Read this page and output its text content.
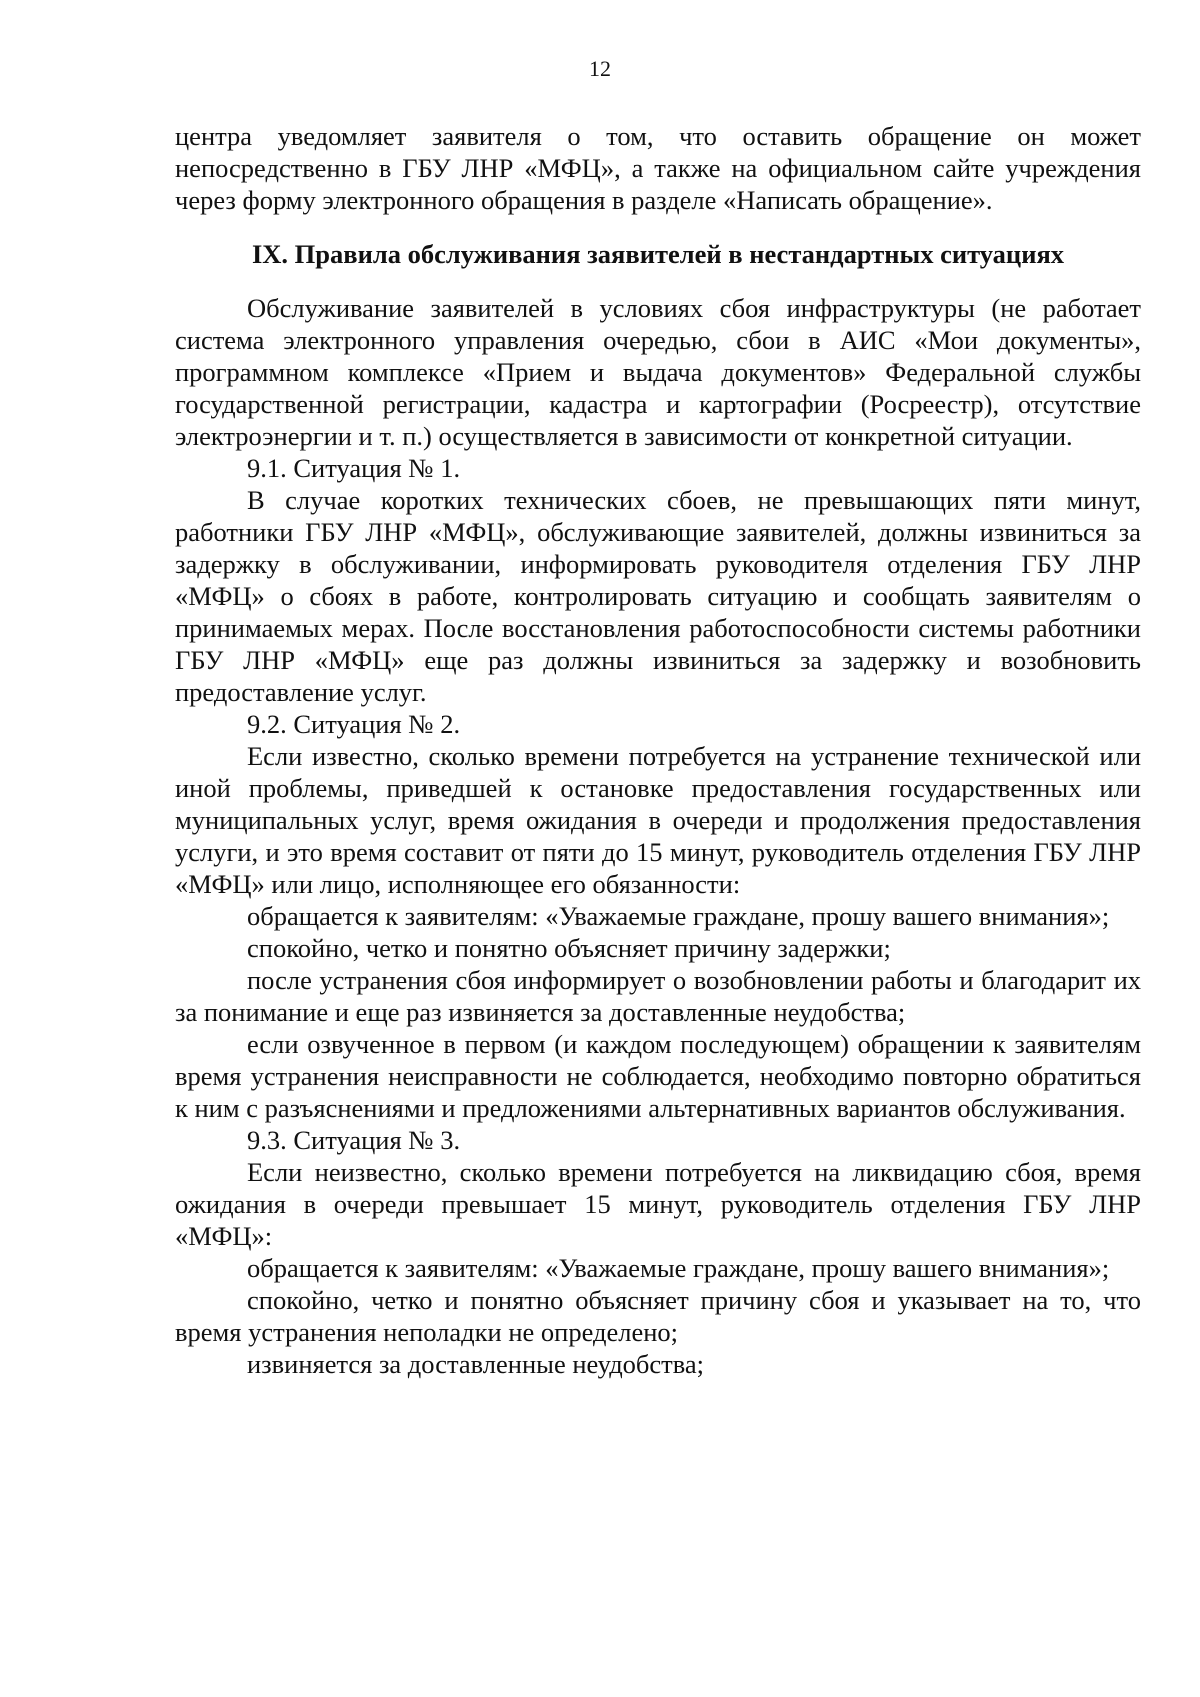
12

центра уведомляет заявителя о том, что оставить обращение он может непосредственно в ГБУ ЛНР «МФЦ», а также на официальном сайте учреждения через форму электронного обращения в разделе «Написать обращение».

IX. Правила обслуживания заявителей в нестандартных ситуациях

Обслуживание заявителей в условиях сбоя инфраструктуры (не работает система электронного управления очередью, сбои в АИС «Мои документы», программном комплексе «Прием и выдача документов» Федеральной службы государственной регистрации, кадастра и картографии (Росреестр), отсутствие электроэнергии и т. п.) осуществляется в зависимости от конкретной ситуации.

9.1. Ситуация № 1.

В случае коротких технических сбоев, не превышающих пяти минут, работники ГБУ ЛНР «МФЦ», обслуживающие заявителей, должны извиниться за задержку в обслуживании, информировать руководителя отделения ГБУ ЛНР «МФЦ» о сбоях в работе, контролировать ситуацию и сообщать заявителям о принимаемых мерах. После восстановления работоспособности системы работники ГБУ ЛНР «МФЦ» еще раз должны извиниться за задержку и возобновить предоставление услуг.

9.2. Ситуация № 2.

Если известно, сколько времени потребуется на устранение технической или иной проблемы, приведшей к остановке предоставления государственных или муниципальных услуг, время ожидания в очереди и продолжения предоставления услуги, и это время составит от пяти до 15 минут, руководитель отделения ГБУ ЛНР «МФЦ» или лицо, исполняющее его обязанности:

обращается к заявителям: «Уважаемые граждане, прошу вашего внимания»;

спокойно, четко и понятно объясняет причину задержки;

после устранения сбоя информирует о возобновлении работы и благодарит их за понимание и еще раз извиняется за доставленные неудобства;

если озвученное в первом (и каждом последующем) обращении к заявителям время устранения неисправности не соблюдается, необходимо повторно обратиться к ним с разъяснениями и предложениями альтернативных вариантов обслуживания.

9.3. Ситуация № 3.

Если неизвестно, сколько времени потребуется на ликвидацию сбоя, время ожидания в очереди превышает 15 минут, руководитель отделения ГБУ ЛНР «МФЦ»:

обращается к заявителям: «Уважаемые граждане, прошу вашего внимания»;

спокойно, четко и понятно объясняет причину сбоя и указывает на то, что время устранения неполадки не определено;

извиняется за доставленные неудобства;
